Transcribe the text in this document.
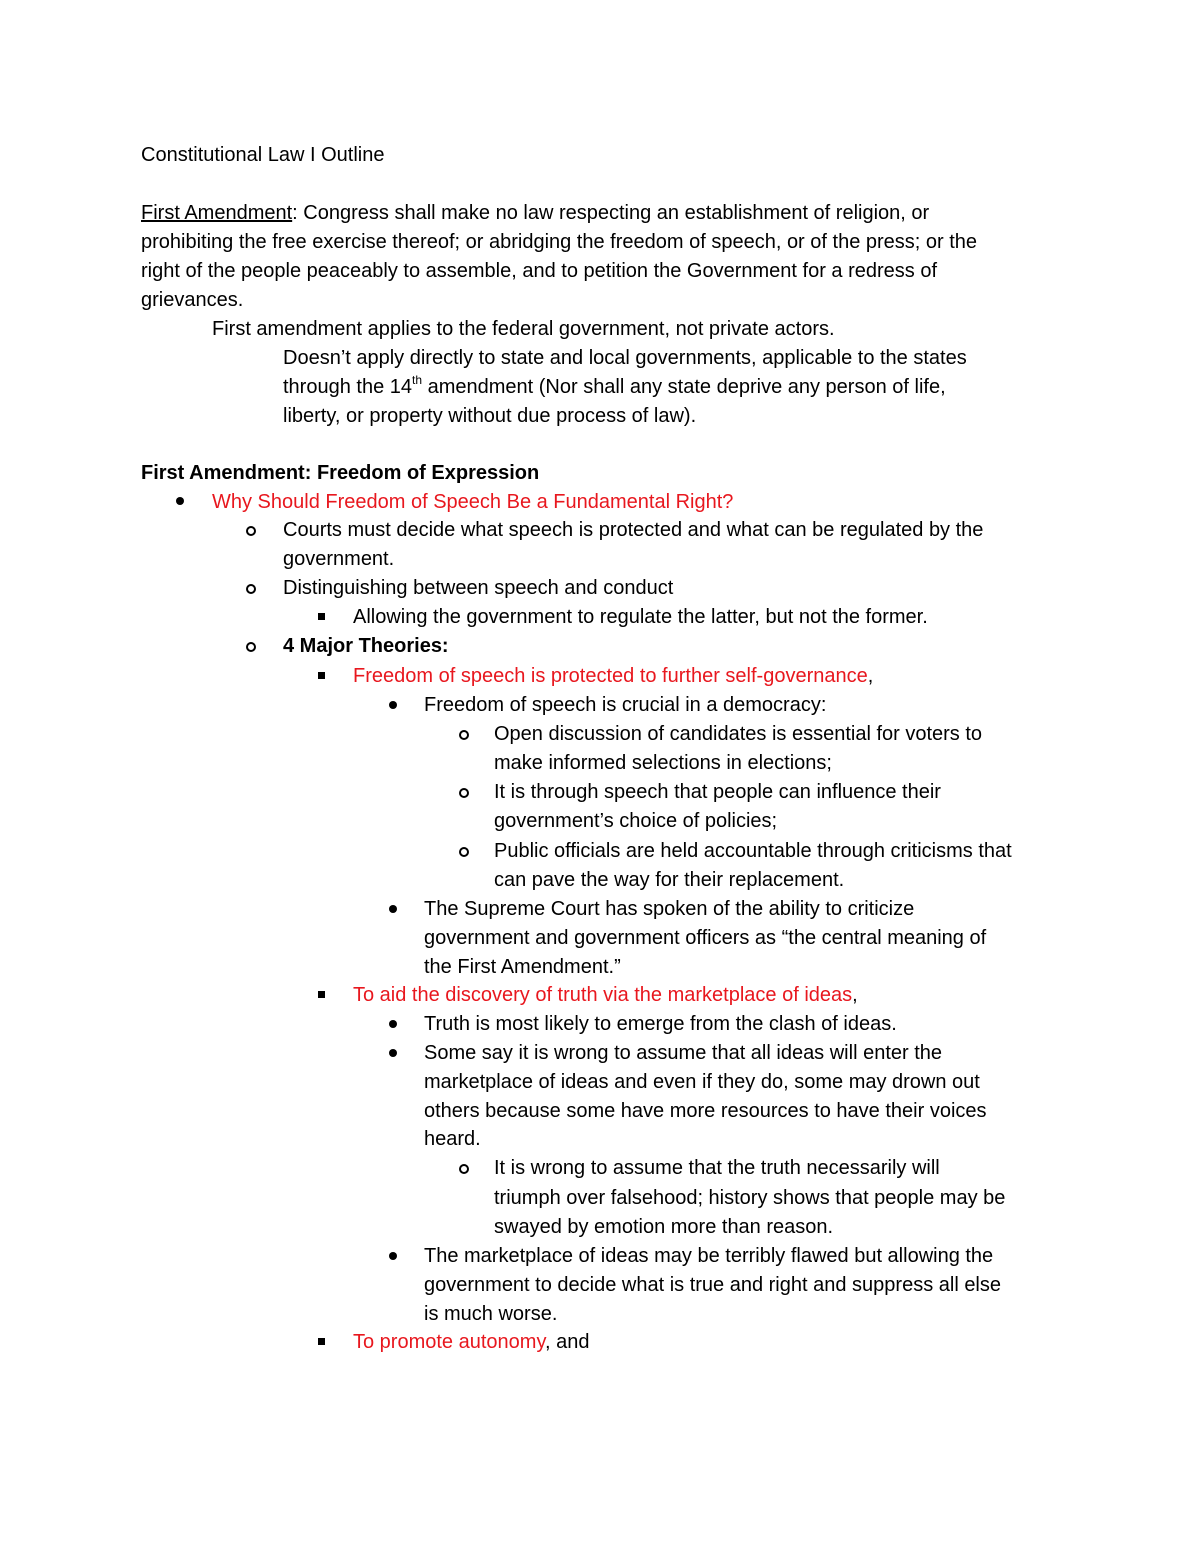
Constitutional Law I Outline
First Amendment: Congress shall make no law respecting an establishment of religion, or
prohibiting the free exercise thereof; or abridging the freedom of speech, or of the press; or the
right of the people peaceably to assemble, and to petition the Government for a redress of
grievances.
First amendment applies to the federal government, not private actors.
Doesn’t apply directly to state and local governments, applicable to the states
through the 14th amendment (Nor shall any state deprive any person of life,
liberty, or property without due process of law).
First Amendment: Freedom of Expression
Why Should Freedom of Speech Be a Fundamental Right?
Courts must decide what speech is protected and what can be regulated by the
government.
Distinguishing between speech and conduct
Allowing the government to regulate the latter, but not the former.
4 Major Theories:
Freedom of speech is protected to further self-governance,
Freedom of speech is crucial in a democracy:
Open discussion of candidates is essential for voters to
make informed selections in elections;
It is through speech that people can influence their
government’s choice of policies;
Public officials are held accountable through criticisms that
can pave the way for their replacement.
The Supreme Court has spoken of the ability to criticize
government and government officers as “the central meaning of
the First Amendment.”
To aid the discovery of truth via the marketplace of ideas,
Truth is most likely to emerge from the clash of ideas.
Some say it is wrong to assume that all ideas will enter the
marketplace of ideas and even if they do, some may drown out
others because some have more resources to have their voices
heard.
It is wrong to assume that the truth necessarily will
triumph over falsehood; history shows that people may be
swayed by emotion more than reason.
The marketplace of ideas may be terribly flawed but allowing the
government to decide what is true and right and suppress all else
is much worse.
To promote autonomy, and
